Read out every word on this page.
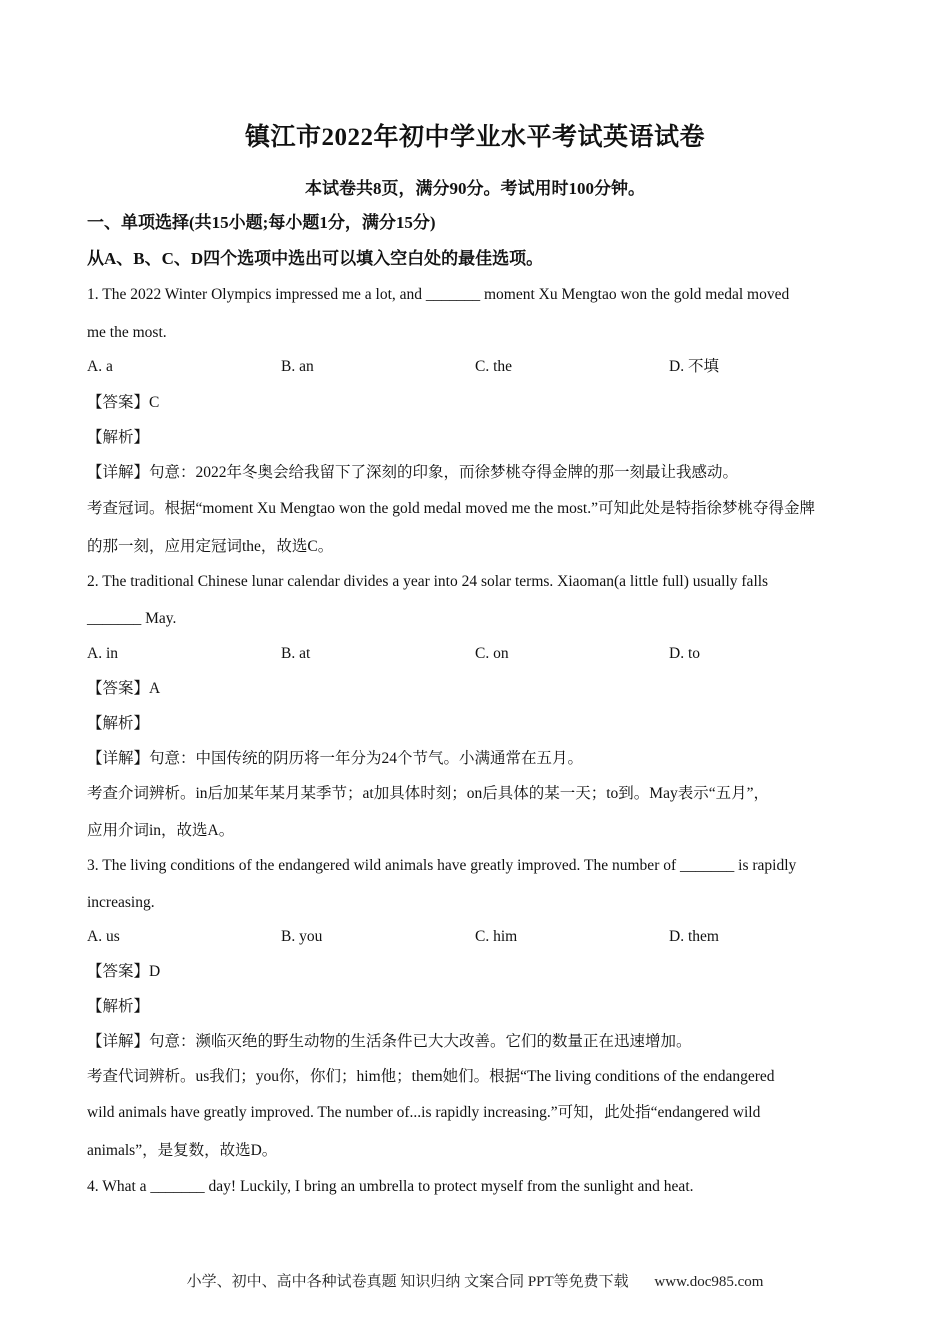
镇江市2022年初中学业水平考试英语试卷
本试卷共8页，满分90分。考试用时100分钟。
一、单项选择(共15小题;每小题1分，满分15分)
从A、B、C、D四个选项中选出可以填入空白处的最佳选项。
1. The 2022 Winter Olympics impressed me a lot, and _______ moment Xu Mengtao won the gold medal moved
me the most.
A. a	B. an	C. the	D. 不填
【答案】C
【解析】
【详解】句意：2022年冬奥会给我留下了深刻的印象，而徐梦桃夺得金牌的那一刻最让我感动。
考查冠词。根据“moment Xu Mengtao won the gold medal moved me the most.”可知此处是特指徐梦桃夺得金牌
的那一刻，应用定冠词the，故选C。
2. The traditional Chinese lunar calendar divides a year into 24 solar terms. Xiaoman(a little full) usually falls
_______ May.
A. in	B. at	C. on	D. to
【答案】A
【解析】
【详解】句意：中国传统的阴历将一年分为24个节气。小满通常在五月。
考查介词辨析。in后加某年某月某季节；at加具体时刻；on后具体的某一天；to到。May表示“五月”，
应用介词in，故选A。
3. The living conditions of the endangered wild animals have greatly improved. The number of _______ is rapidly
increasing.
A. us	B. you	C. him	D. them
【答案】D
【解析】
【详解】句意：濒临灭绝的野生动物的生活条件已大大改善。它们的数量正在迅速增加。
考查代词辨析。us我们；you你，你们；him他；them她们。根据“The living conditions of the endangered
wild animals have greatly improved. The number of...is rapidly increasing.”可知，此处指“endangered wild
animals”，是复数，故选D。
4. What a _______ day! Luckily, I bring an umbrella to protect myself from the sunlight and heat.
小学、初中、高中各种试卷真题 知识归纳 文案合同 PPT等免费下载 www.doc985.com
